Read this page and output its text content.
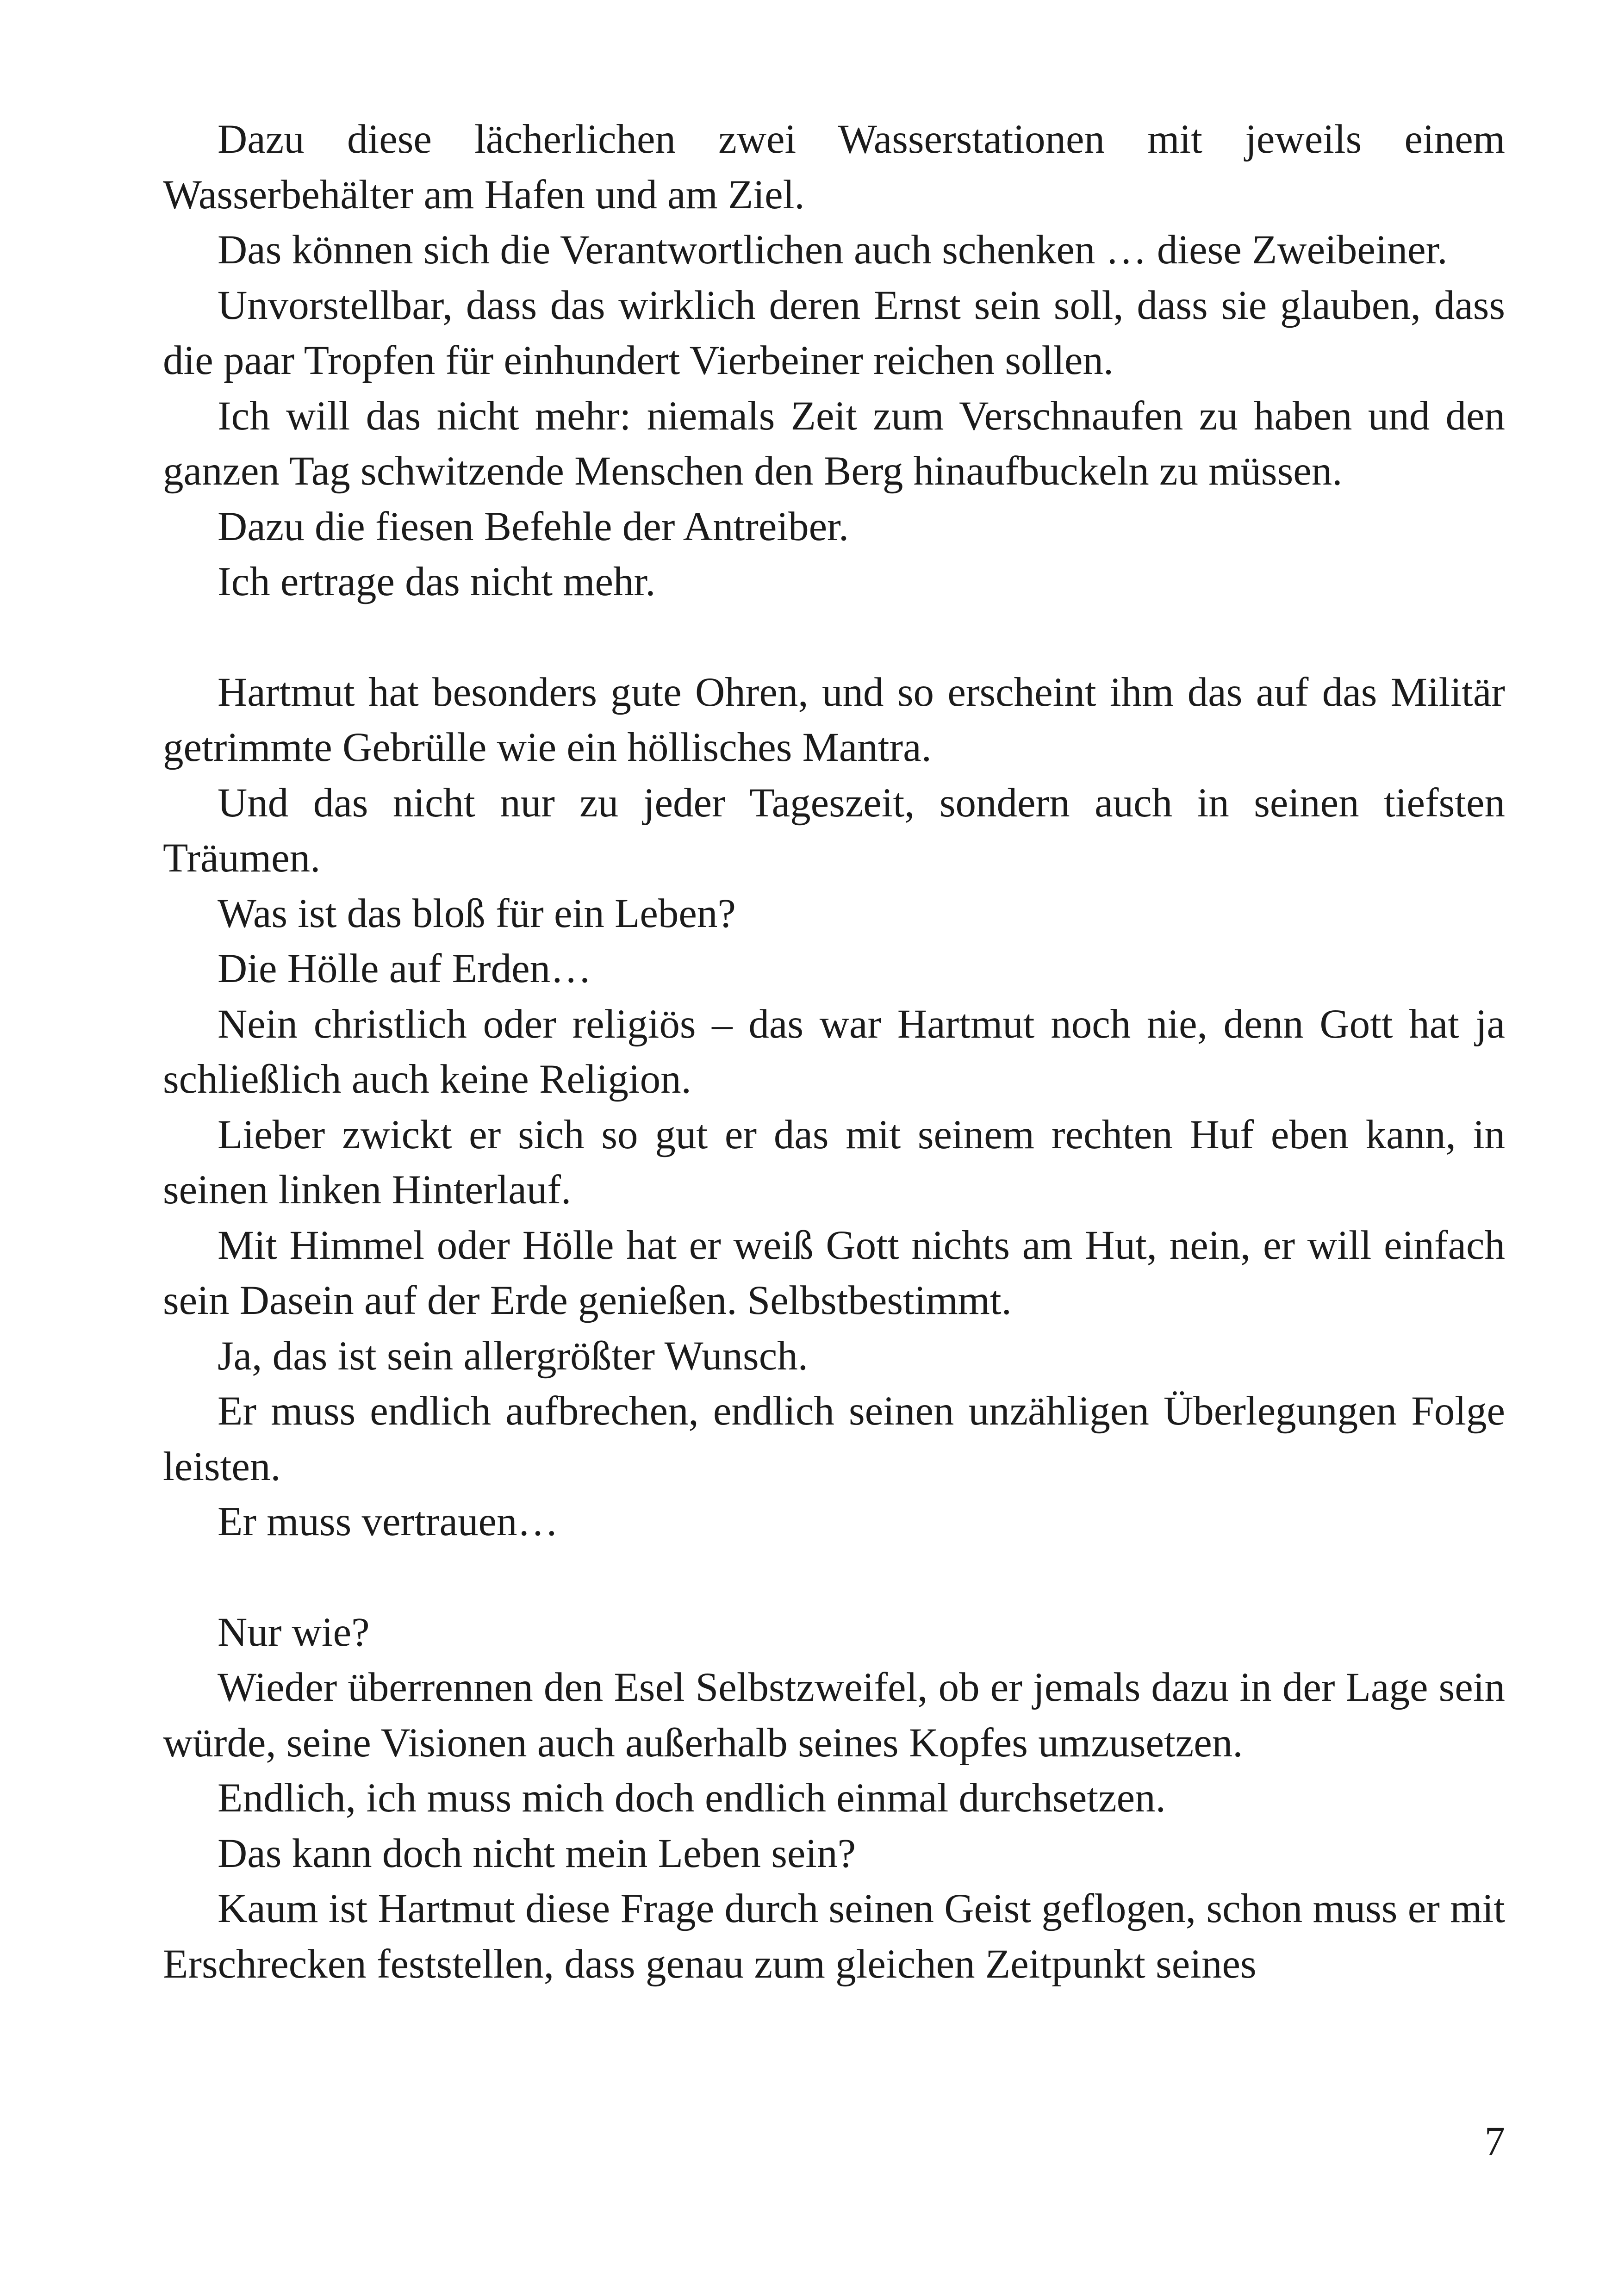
Dazu diese lächerlichen zwei Wasserstationen mit jeweils einem Wasserbehälter am Hafen und am Ziel.

Das können sich die Verantwortlichen auch schenken … diese Zweibeiner.

Unvorstellbar, dass das wirklich deren Ernst sein soll, dass sie glauben, dass die paar Tropfen für einhundert Vierbeiner reichen sollen.

Ich will das nicht mehr: niemals Zeit zum Verschnaufen zu haben und den ganzen Tag schwitzende Menschen den Berg hinaufbuckeln zu müssen.

Dazu die fiesen Befehle der Antreiber.

Ich ertrage das nicht mehr.

Hartmut hat besonders gute Ohren, und so erscheint ihm das auf das Militär getrimmte Gebrülle wie ein höllisches Mantra.

Und das nicht nur zu jeder Tageszeit, sondern auch in seinen tiefsten Träumen.

Was ist das bloß für ein Leben?

Die Hölle auf Erden…

Nein christlich oder religiös – das war Hartmut noch nie, denn Gott hat ja schließlich auch keine Religion.

Lieber zwickt er sich so gut er das mit seinem rechten Huf eben kann, in seinen linken Hinterlauf.

Mit Himmel oder Hölle hat er weiß Gott nichts am Hut, nein, er will einfach sein Dasein auf der Erde genießen. Selbstbestimmt.

Ja, das ist sein allergrößter Wunsch.

Er muss endlich aufbrechen, endlich seinen unzähligen Überlegungen Folge leisten.

Er muss vertrauen…

Nur wie?

Wieder überrennen den Esel Selbstzweifel, ob er jemals dazu in der Lage sein würde, seine Visionen auch außerhalb seines Kopfes umzusetzen.

Endlich, ich muss mich doch endlich einmal durchsetzen.

Das kann doch nicht mein Leben sein?

Kaum ist Hartmut diese Frage durch seinen Geist geflogen, schon muss er mit Erschrecken feststellen, dass genau zum gleichen Zeitpunkt seines

7
